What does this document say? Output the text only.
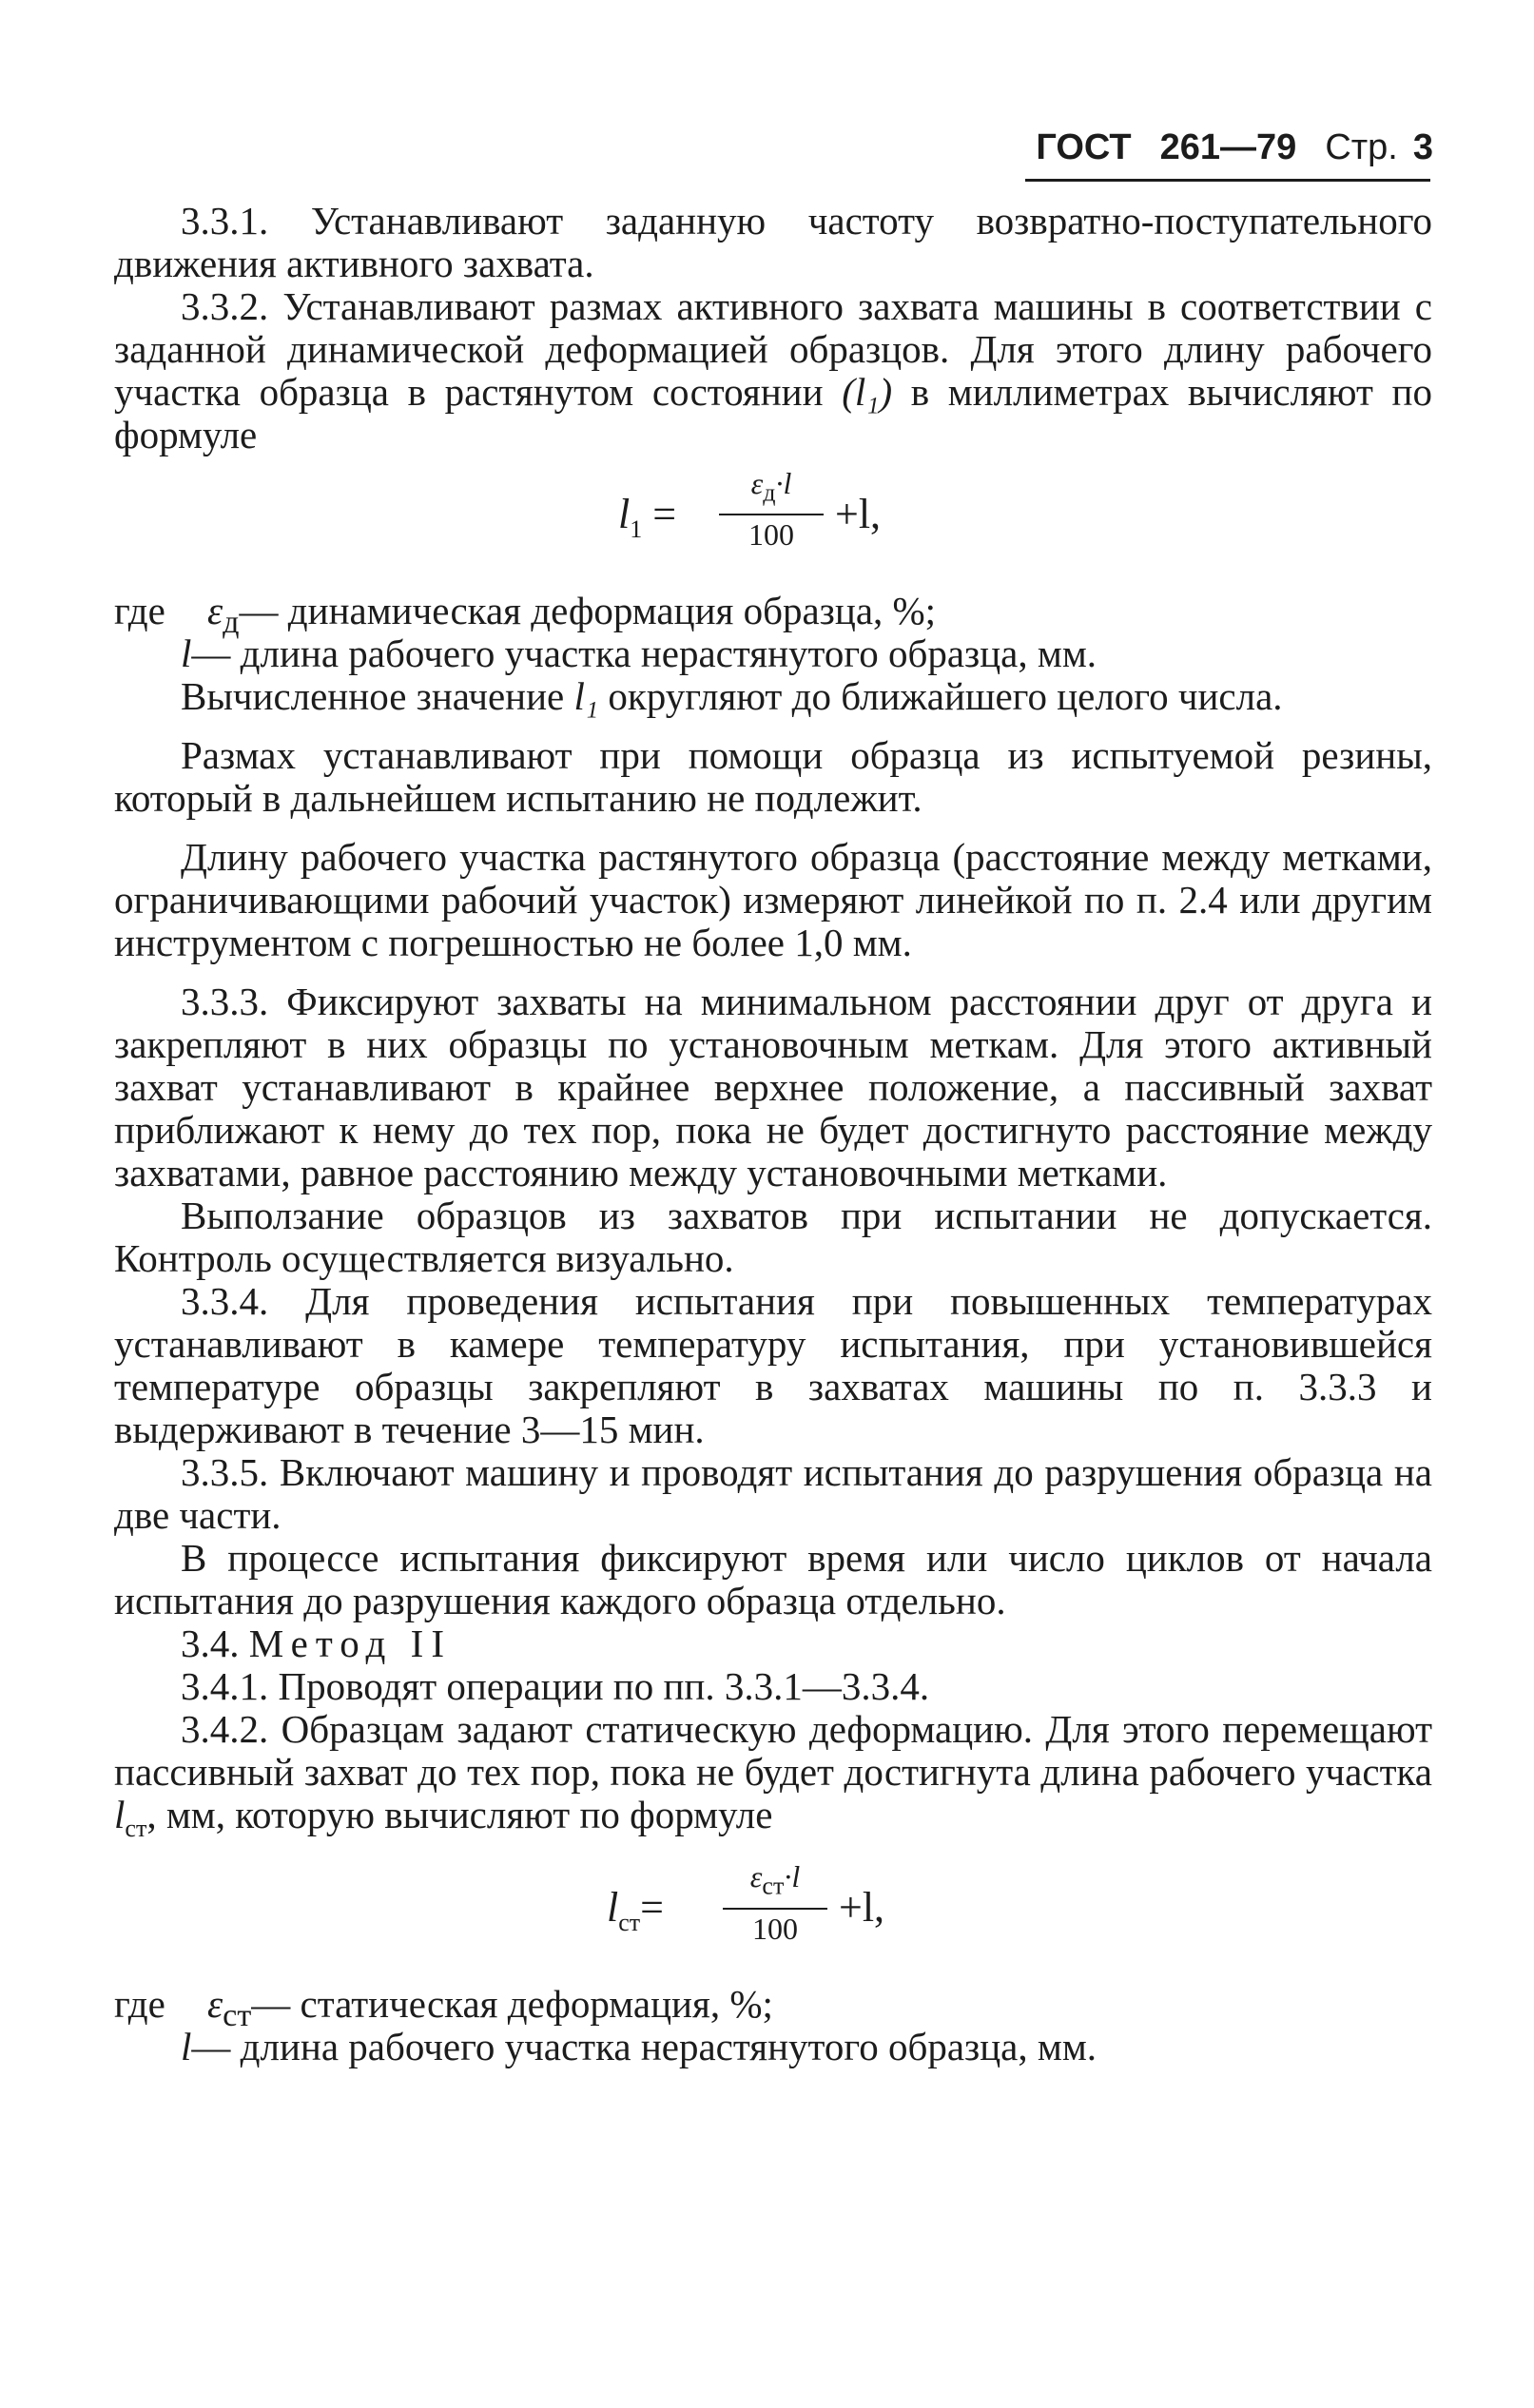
ГОСТ 261—79 Стр. 3
3.3.1. Устанавливают заданную частоту возвратно-поступательного движения активного захвата.
3.3.2. Устанавливают размах активного захвата машины в соответствии с заданной динамической деформацией образцов. Для этого длину рабочего участка образца в растянутом состоянии (l₁) в миллиметрах вычисляют по формуле
$l_1$ =
$\varepsilon_д\cdot l$
100 +l,
где $\varepsilon_д—$ динамическая деформация образца, %;
l— длина рабочего участка нерастянутого образца, мм.
Вычисленное значение l₁ округляют до ближайшего целого числа.
Размах устанавливают при помощи образца из испытуемой резины, который в дальнейшем испытанию не подлежит.
Длину рабочего участка растянутого образца (расстояние между метками, ограничивающими рабочий участок) измеряют линейкой по п. 2.4 или другим инструментом с погрешностью не более 1,0 мм.
3.3.3. Фиксируют захваты на минимальном расстоянии друг от друга и закрепляют в них образцы по установочным меткам. Для этого активный захват устанавливают в крайнее верхнее положение, а пассивный захват приближают к нему до тех пор, пока не будет достигнуто расстояние между захватами, равное расстоянию между установочными метками.
Выползание образцов из захватов при испытании не допускается. Контроль осуществляется визуально.
3.3.4. Для проведения испытания при повышенных температурах устанавливают в камере температуру испытания, при установившейся температуре образцы закрепляют в захватах машины по п. 3.3.3 и выдерживают в течение 3—15 мин.
3.3.5. Включают машину и проводят испытания до разрушения образца на две части.
В процессе испытания фиксируют время или число циклов от начала испытания до разрушения каждого образца отдельно.
3.4. Метод II
3.4.1. Проводят операции по пп. 3.3.1—3.3.4.
3.4.2. Образцам задают статическую деформацию. Для этого перемещают пассивный захват до тех пор, пока не будет достигнута длина рабочего участка $l_{ст}$, мм, которую вычисляют по формуле
$l_{ст}=$
$\varepsilon_{ст}\cdot l$
100 +l,
где $\varepsilon_{ст}—$ статическая деформация, %;
l— длина рабочего участка нерастянутого образца, мм.
